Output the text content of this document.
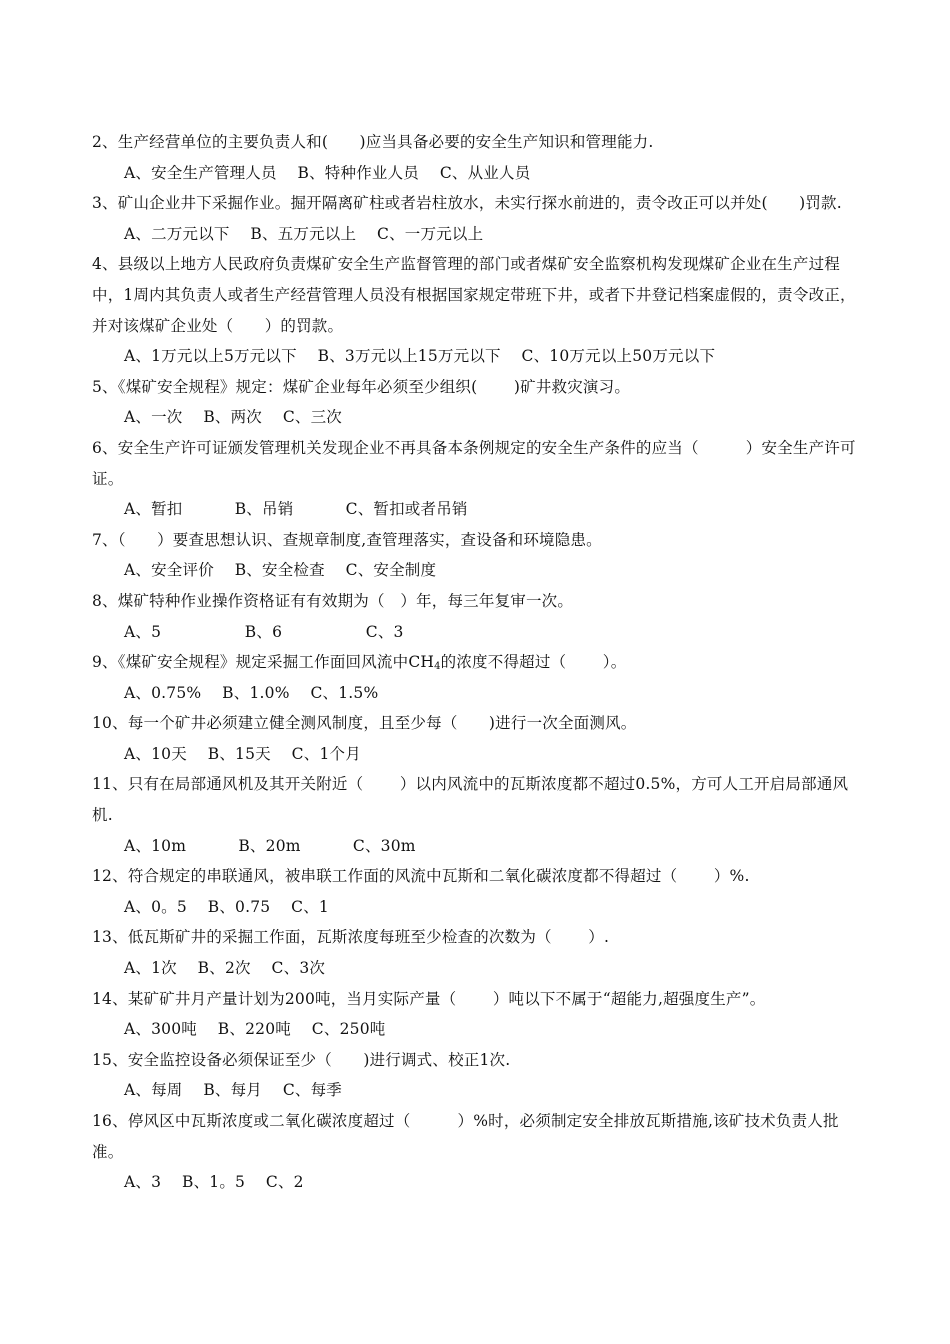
2、生产经营单位的主要负责人和(　　)应当具备必要的安全生产知识和管理能力.
A、安全生产管理人员　 B、特种作业人员　 C、从业人员
3、矿山企业井下采掘作业。掘开隔离矿柱或者岩柱放水，未实行探水前进的，责令改正可以并处(　　)罚款.
A、二万元以下　 B、五万元以上　 C、一万元以上
4、县级以上地方人民政府负责煤矿安全生产监督管理的部门或者煤矿安全监察机构发现煤矿企业在生产过程中，1周内其负责人或者生产经营管理人员没有根据国家规定带班下井，或者下井登记档案虚假的，责令改正，并对该煤矿企业处（　　）的罚款。
A、1万元以上5万元以下　 B、3万元以上15万元以下　 C、10万元以上50万元以下
5、《煤矿安全规程》规定：煤矿企业每年必须至少组织(　　 )矿井救灾演习。
A、一次　 B、两次　 C、三次
6、安全生产许可证颁发管理机关发现企业不再具备本条例规定的安全生产条件的应当（　　　）安全生产许可证。
A、暂扣　　　 B、吊销　　　 C、暂扣或者吊销
7、（　　）要查思想认识、查规章制度,查管理落实，查设备和环境隐患。
A、安全评价　 B、安全检查　 C、安全制度
8、煤矿特种作业操作资格证有有效期为（　）年，每三年复审一次。
A、5　　　　　 B、6　　　　　 C、3
9、《煤矿安全规程》规定采掘工作面回风流中$CH_4$的浓度不得超过（　　 ）。
A、0.75%　 B、1.0%　 C、1.5%
10、每一个矿井必须建立健全测风制度，且至少每（　　)进行一次全面测风。
A、10天　 B、15天　 C、1个月
11、只有在局部通风机及其开关附近（　　 ）以内风流中的瓦斯浓度都不超过0.5%，方可人工开启局部通风机.
A、10m　　　 B、20m　　　 C、30m
12、符合规定的串联通风，被串联工作面的风流中瓦斯和二氧化碳浓度都不得超过（　　 ）%.
A、0。5　 B、0.75　 C、1
13、低瓦斯矿井的采掘工作面，瓦斯浓度每班至少检查的次数为（　　 ）.
A、1次　 B、2次　 C、3次
14、某矿矿井月产量计划为200吨，当月实际产量（　　 ）吨以下不属于“超能力,超强度生产”。
A、300吨　 B、220吨　 C、250吨
15、安全监控设备必须保证至少（　　)进行调式、校正1次.
A、每周　 B、每月　 C、每季
16、停风区中瓦斯浓度或二氧化碳浓度超过（　　　）%时，必须制定安全排放瓦斯措施,该矿技术负责人批准。
A、3　 B、1。5　 C、2
